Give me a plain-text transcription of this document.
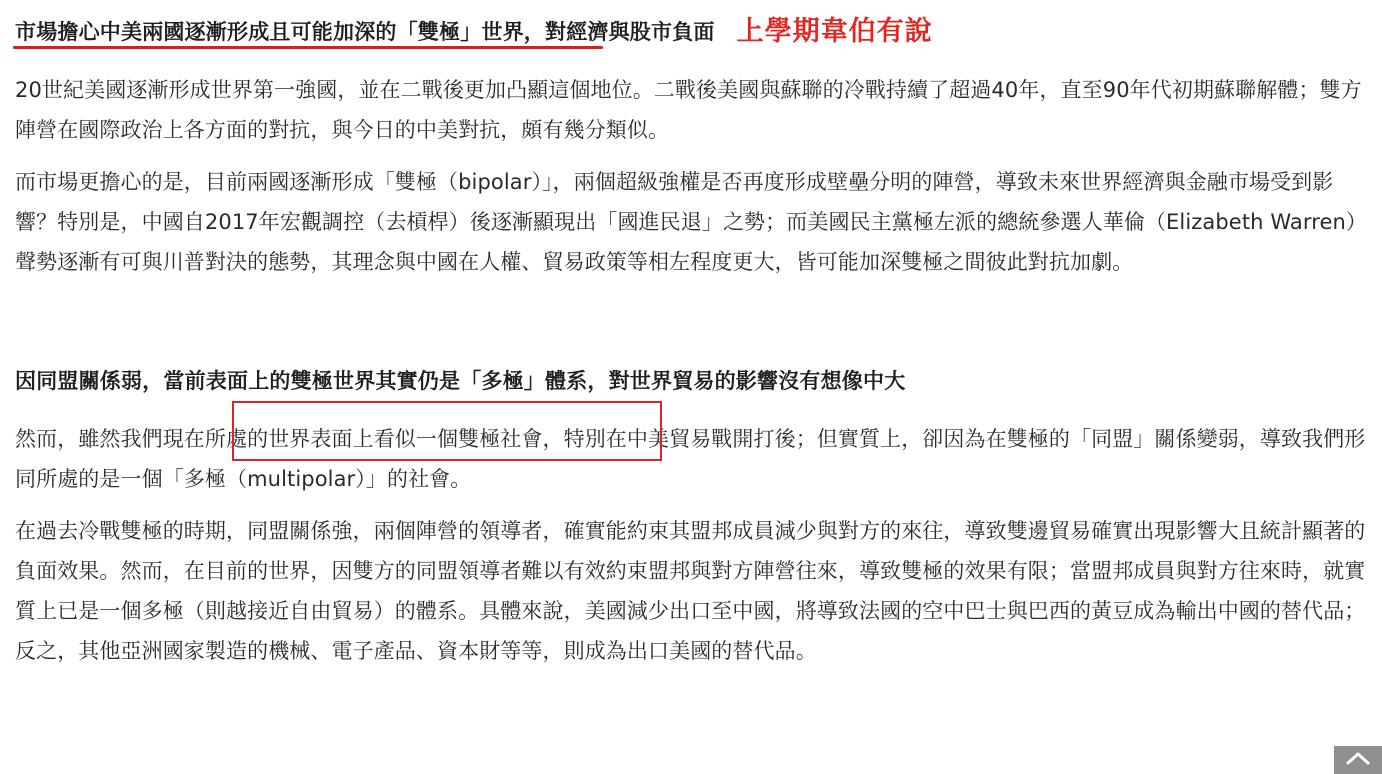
市場擔心中美兩國逐漸形成且可能加深的「雙極」世界，對經濟與股市負面 上學期韋伯有說

20世紀美國逐漸形成世界第一強國，並在二戰後更加凸顯這個地位。二戰後美國與蘇聯的冷戰持續了超過40年，直至90年代初期蘇聯解體；雙方陣營在國際政治上各方面的對抗，與今日的中美對抗，頗有幾分類似。

而市場更擔心的是，目前兩國逐漸形成「雙極（bipolar）」，兩個超級強權是否再度形成壁壘分明的陣營，導致未來世界經濟與金融市場受到影響？特別是，中國自2017年宏觀調控（去槓桿）後逐漸顯現出「國進民退」之勢；而美國民主黨極左派的總統參選人華倫（Elizabeth Warren）聲勢逐漸有可與川普對決的態勢，其理念與中國在人權、貿易政策等相左程度更大，皆可能加深雙極之間彼此對抗加劇。

因同盟關係弱，當前表面上的雙極世界其實仍是「多極」體系，對世界貿易的影響沒有想像中大

然而，雖然我們現在所處的世界表面上看似一個雙極社會，特別在中美貿易戰開打後；但實質上，卻因為在雙極的「同盟」關係變弱，導致我們形同所處的是一個「多極（multipolar）」的社會。

在過去冷戰雙極的時期，同盟關係強，兩個陣營的領導者，確實能約束其盟邦成員減少與對方的來往，導致雙邊貿易確實出現影響大且統計顯著的負面效果。然而，在目前的世界，因雙方的同盟領導者難以有效約束盟邦與對方陣營往來，導致雙極的效果有限；當盟邦成員與對方往來時，就實質上已是一個多極（則越接近自由貿易）的體系。具體來說，美國減少出口至中國，將導致法國的空中巴士與巴西的黃豆成為輸出中國的替代品；反之，其他亞洲國家製造的機械、電子產品、資本財等等，則成為出口美國的替代品。
